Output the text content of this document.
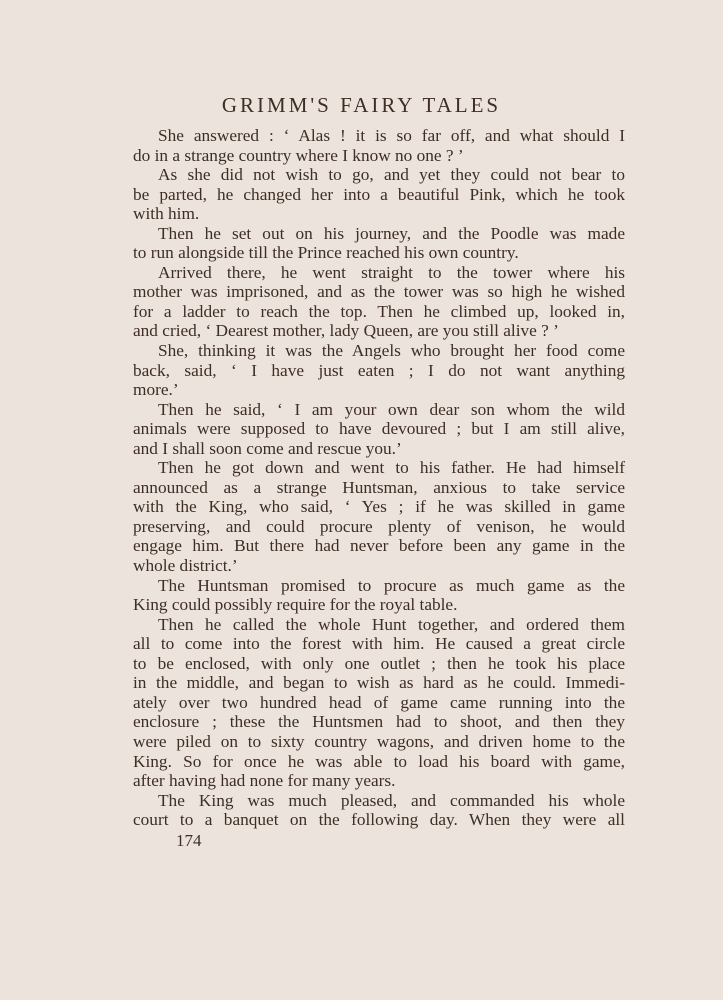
GRIMM'S FAIRY TALES
She answered : ‘ Alas ! it is so far off, and what should I
do in a strange country where I know no one ? ’
As she did not wish to go, and yet they could not bear to
be parted, he changed her into a beautiful Pink, which he took
with him.
Then he set out on his journey, and the Poodle was made
to run alongside till the Prince reached his own country.
Arrived there, he went straight to the tower where his
mother was imprisoned, and as the tower was so high he wished
for a ladder to reach the top. Then he climbed up, looked in,
and cried, ‘ Dearest mother, lady Queen, are you still alive ? ’
She, thinking it was the Angels who brought her food come
back, said, ‘ I have just eaten ; I do not want anything
more.’
Then he said, ‘ I am your own dear son whom the wild
animals were supposed to have devoured ; but I am still alive,
and I shall soon come and rescue you.’
Then he got down and went to his father. He had himself
announced as a strange Huntsman, anxious to take service
with the King, who said, ‘ Yes ; if he was skilled in game
preserving, and could procure plenty of venison, he would
engage him. But there had never before been any game in the
whole district.’
The Huntsman promised to procure as much game as the
King could possibly require for the royal table.
Then he called the whole Hunt together, and ordered them
all to come into the forest with him. He caused a great circle
to be enclosed, with only one outlet ; then he took his place
in the middle, and began to wish as hard as he could. Immedi-
ately over two hundred head of game came running into the
enclosure ; these the Huntsmen had to shoot, and then they
were piled on to sixty country wagons, and driven home to the
King. So for once he was able to load his board with game,
after having had none for many years.
The King was much pleased, and commanded his whole
court to a banquet on the following day. When they were all
174
